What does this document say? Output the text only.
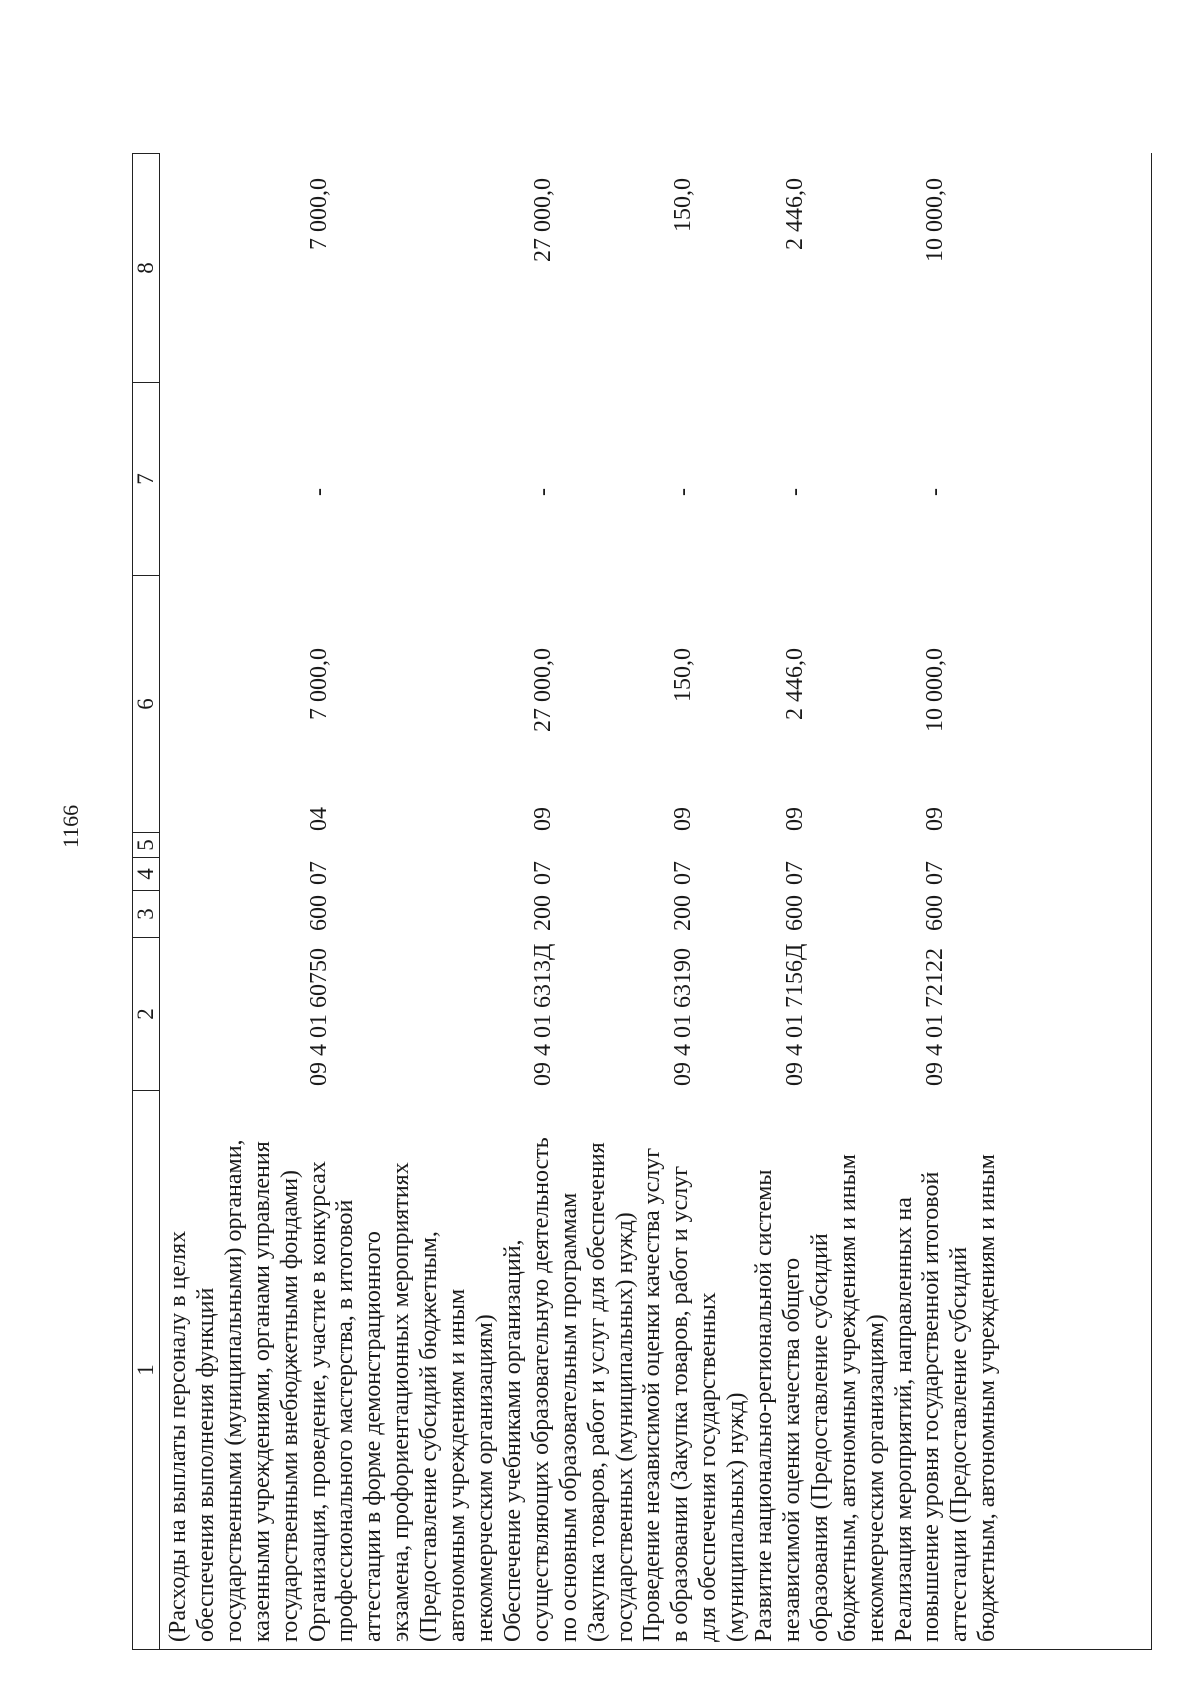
1166
1
2
3
4
5
6
7
8
(Расходы на выплаты персоналу в целях обеспечения выполнения функций государственными (муниципальными) органами, казенными учреждениями, органами управления государственными внебюджетными фондами) Организация, проведение, участие в конкурсах профессионального мастерства, в итоговой аттестации в форме демонстрационного экзамена, профориентационных мероприятиях (Предоставление субсидий бюджетным, автономным учреждениям и иным некоммерческим организациям) Обеспечение учебниками организаций, осуществляющих образовательную деятельность по основным образовательным программам (Закупка товаров, работ и услуг для обеспечения государственных (муниципальных) нужд) Проведение независимой оценки качества услуг в образовании (Закупка товаров, работ и услуг для обеспечения государственных (муниципальных) нужд) Развитие национально-региональной системы независимой оценки качества общего образования (Предоставление субсидий бюджетным, автономным учреждениям и иным некоммерческим организациям) Реализация мероприятий, направленных на повышение уровня государственной итоговой аттестации (Предоставление субсидий бюджетным, автономным учреждениям и иным
09 4 01 60750
600
07
04
7 000,0
-
7 000,0
09 4 01 6313Д
200
07
09
27 000,0
-
27 000,0
09 4 01 63190
200
07
09
150,0
-
150,0
09 4 01 7156Д
600
07
09
2 446,0
-
2 446,0
09 4 01 72122
600
07
09
10 000,0
-
10 000,0
